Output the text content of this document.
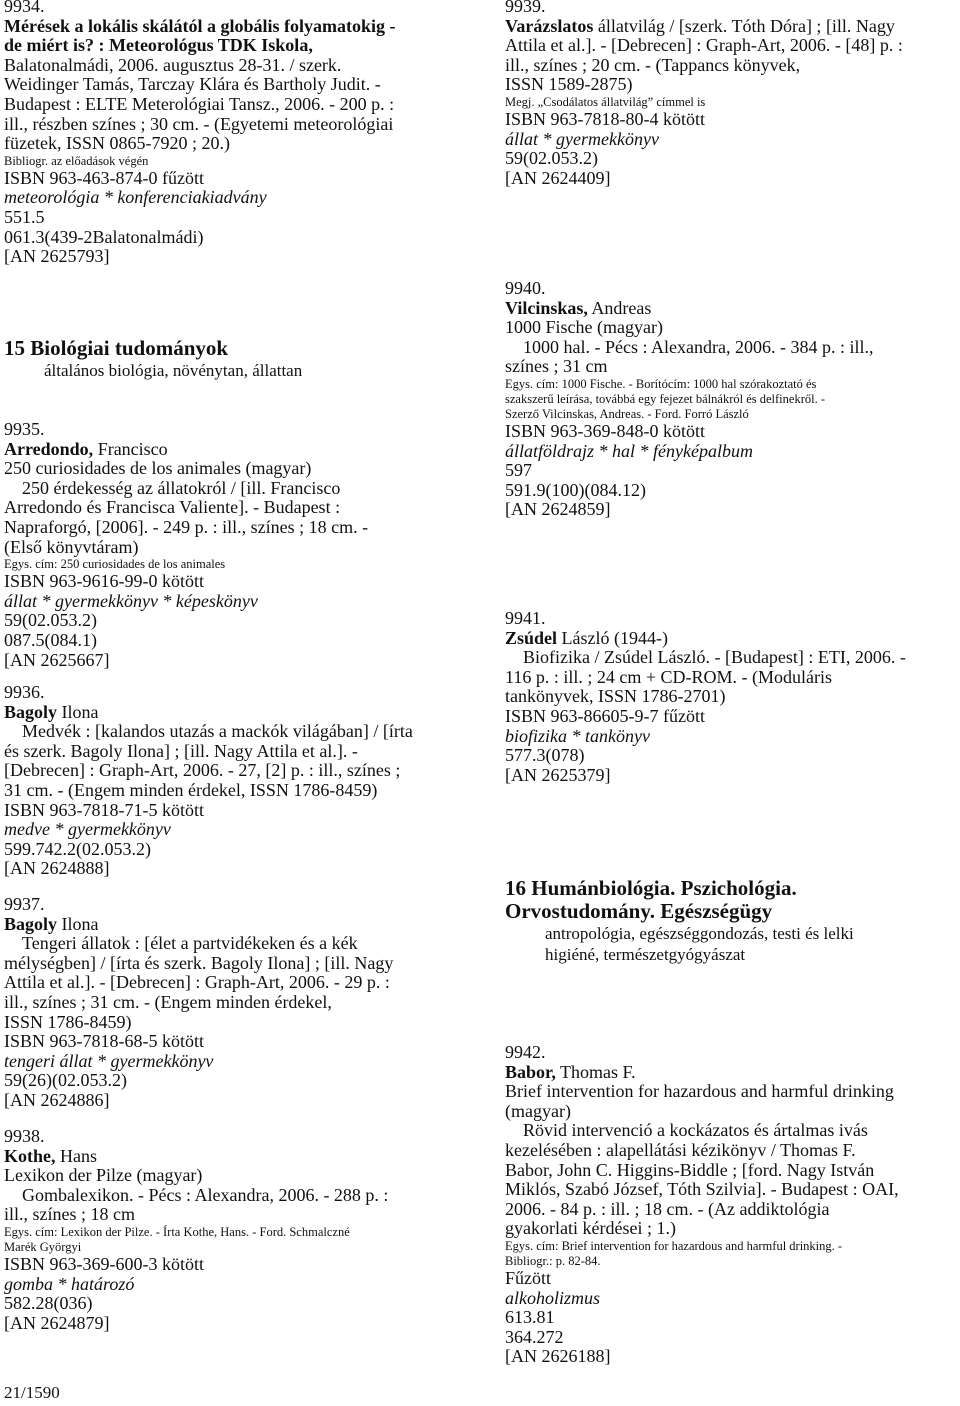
9934.
Mérések a lokális skálától a globális folyamatokig -
de miért is? : Meteorológus TDK Iskola,
Balatonalmádi, 2006. augusztus 28-31. / szerk.
Weidinger Tamás, Tarczay Klára és Bartholy Judit. -
Budapest : ELTE Meterológiai Tansz., 2006. - 200 p. :
ill., részben színes ; 30 cm. - (Egyetemi meteorológiai
füzetek, ISSN 0865-7920 ; 20.)
Bibliogr. az előadások végén
ISBN 963-463-874-0 fűzött
meteorológia * konferenciakiadvány
551.5
061.3(439-2Balatonalmádi)
[AN 2625793]

15 Biológiai tudományok

általános biológia, növénytan, állattan

9935.
Arredondo, Francisco
250 curiosidades de los animales (magyar)
250 érdekesség az állatokról / [ill. Francisco
Arredondo és Francisca Valiente]. - Budapest :
Napraforgó, [2006]. - 249 p. : ill., színes ; 18 cm. -
(Első könyvtáram)
Egys. cím: 250 curiosidades de los animales
ISBN 963-9616-99-0 kötött
állat * gyermekkönyv * képeskönyv
59(02.053.2)
087.5(084.1)
[AN 2625667]
9936.
Bagoly Ilona
Medvék : [kalandos utazás a mackók világában] / [írta
és szerk. Bagoly Ilona] ; [ill. Nagy Attila et al.]. -
[Debrecen] : Graph-Art, 2006. - 27, [2] p. : ill., színes ;
31 cm. - (Engem minden érdekel, ISSN 1786-8459)
ISBN 963-7818-71-5 kötött
medve * gyermekkönyv
599.742.2(02.053.2)
[AN 2624888]
9937.
Bagoly Ilona
Tengeri állatok : [élet a partvidékeken és a kék
mélységben] / [írta és szerk. Bagoly Ilona] ; [ill. Nagy
Attila et al.]. - [Debrecen] : Graph-Art, 2006. - 29 p. :
ill., színes ; 31 cm. - (Engem minden érdekel,
ISSN 1786-8459)
ISBN 963-7818-68-5 kötött
tengeri állat * gyermekkönyv
59(26)(02.053.2)
[AN 2624886]
9938.
Kothe, Hans
Lexikon der Pilze (magyar)
Gombalexikon. - Pécs : Alexandra, 2006. - 288 p. :
ill., színes ; 18 cm
Egys. cím: Lexikon der Pilze. - Írta Kothe, Hans. - Ford. Schmalczné
Marék Györgyi
ISBN 963-369-600-3 kötött
gomba * határozó
582.28(036)
[AN 2624879]
21/1590
9939.
Varázslatos állatvilág / [szerk. Tóth Dóra] ; [ill. Nagy
Attila et al.]. - [Debrecen] : Graph-Art, 2006. - [48] p. :
ill., színes ; 20 cm. - (Tappancs könyvek,
ISSN 1589-2875)
Megj. „Csodálatos állatvilág” címmel is
ISBN 963-7818-80-4 kötött
állat * gyermekkönyv
59(02.053.2)
[AN 2624409]
9940.
Vilcinskas, Andreas
1000 Fische (magyar)
1000 hal. - Pécs : Alexandra, 2006. - 384 p. : ill.,
színes ; 31 cm
Egys. cím: 1000 Fische. - Borítócím: 1000 hal szórakoztató és
szakszerű leírása, továbbá egy fejezet bálnákról és delfinekről. -
Szerző Vilcinskas, Andreas. - Ford. Forró László
ISBN 963-369-848-0 kötött
állatföldrajz * hal * fényképalbum
597
591.9(100)(084.12)
[AN 2624859]
9941.
Zsúdel László (1944-)
Biofizika / Zsúdel László. - [Budapest] : ETI, 2006. -
116 p. : ill. ; 24 cm + CD-ROM. - (Moduláris
tankönyvek, ISSN 1786-2701)
ISBN 963-86605-9-7 fűzött
biofizika * tankönyv
577.3(078)
[AN 2625379]

16 Humánbiológia. Pszichológia.

Orvostudomány. Egészségügy

antropológia, egészséggondozás, testi és lelki

higiéné, természetgyógyászat

9942.
Babor, Thomas F.
Brief intervention for hazardous and harmful drinking
(magyar)
Rövid intervenció a kockázatos és ártalmas ivás
kezelésében : alapellátási kézikönyv / Thomas F.
Babor, John C. Higgins-Biddle ; [ford. Nagy István
Miklós, Szabó József, Tóth Szilvia]. - Budapest : OAI,
2006. - 84 p. : ill. ; 18 cm. - (Az addiktológia
gyakorlati kérdései ; 1.)
Egys. cím: Brief intervention for hazardous and harmful drinking. -
Bibliogr.: p. 82-84.
Fűzött
alkoholizmus
613.81
364.272
[AN 2626188]
